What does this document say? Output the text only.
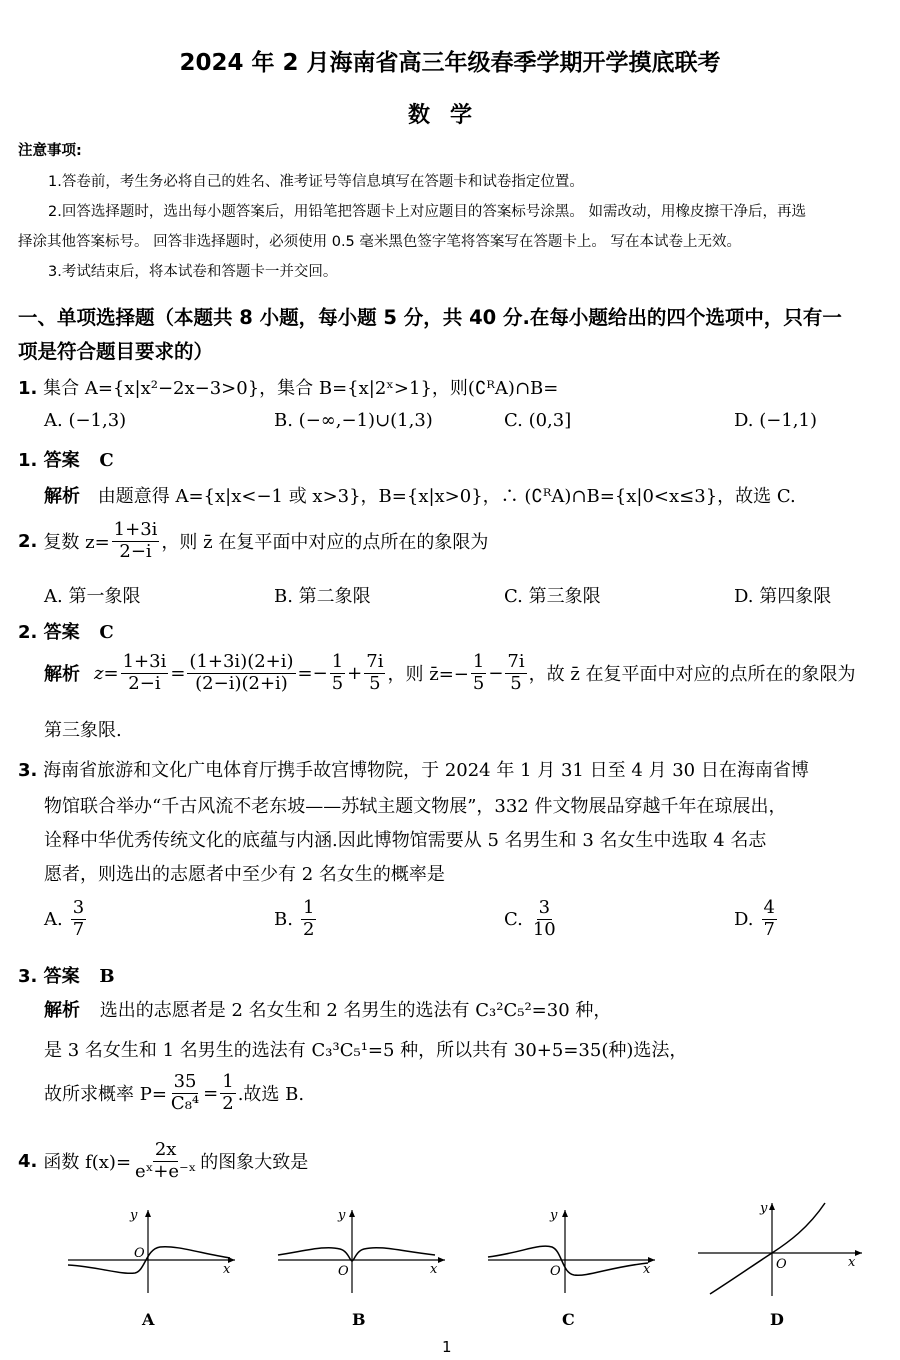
2024 年 2 月海南省高三年级春季学期开学摸底联考
数学
注意事项:
1.答卷前，考生务必将自己的姓名、准考证号等信息填写在答题卡和试卷指定位置。
2.回答选择题时，选出每小题答案后，用铅笔把答题卡上对应题目的答案标号涂黑。 如需改动，用橡皮擦干净后，再选
择涂其他答案标号。 回答非选择题时，必须使用 0.5 毫米黑色签字笔将答案写在答题卡上。 写在本试卷上无效。
3.考试结束后，将本试卷和答题卡一并交回。
一、单项选择题（本题共 8 小题，每小题 5 分，共 40 分.在每小题给出的四个选项中，只有一
项是符合题目要求的）
1. 集合 A={x|x²−2x−3>0}，集合 B={x|2ˣ>1}，则(∁ᴿA)∩B=
A. (−1,3)	B. (−∞,−1)∪(1,3)	C. (0,3]	D. (−1,1)
1. 答案 C
解析 由题意得 A={x|x<−1 或 x>3}，B={x|x>0}，∴ (∁ᴿA)∩B={x|0<x≤3}，故选 C.
2. 复数 $z= \frac{1+3i}{2-i}$ ，则 z̄ 在复平面中对应的点所在的象限为
A. 第一象限	B. 第二象限	C. 第三象限	D. 第四象限
2. 答案 C
解析 $z = \frac{1+3i}{2-i} = \frac{(1+3i)(2+i)}{(2-i)(2+i)} =- \frac{1}{5} + \frac{7i}{5}$ ，则 z̄=− $\frac{1}{5} - \frac{7i}{5}$ ，故 z̄ 在复平面中对应的点所在的象限为
第三象限.
3. 海南省旅游和文化广电体育厅携手故宫博物院，于 2024 年 1 月 31 日至 4 月 30 日在海南省博
物馆联合举办“千古风流不老东坡——苏轼主题文物展”，332 件文物展品穿越千年在琼展出，
诠释中华优秀传统文化的底蕴与内涵.因此博物馆需要从 5 名男生和 3 名女生中选取 4 名志
愿者，则选出的志愿者中至少有 2 名女生的概率是
A. $\frac{3}{7}$	B. $\frac{1}{2}$	C. $\frac{3}{10}$	D. $\frac{4}{7}$
3. 答案 B
解析 选出的志愿者是 2 名女生和 2 名男生的选法有 C₃²C₅²=30 种，
是 3 名女生和 1 名男生的选法有 C₃³C₅¹=5 种，所以共有 30+5=35(种)选法，
故所求概率 $P= \frac{35}{\text{C₈⁴}} = \frac{1}{2}$ .故选 B.
4. 函数 $f(x)= \frac{2x}{\text{eˣ+e⁻ˣ}}$ 的图象大致是
y
x
O
A
y
x
O
B
y
x
O
C
y
x
O
D
1
